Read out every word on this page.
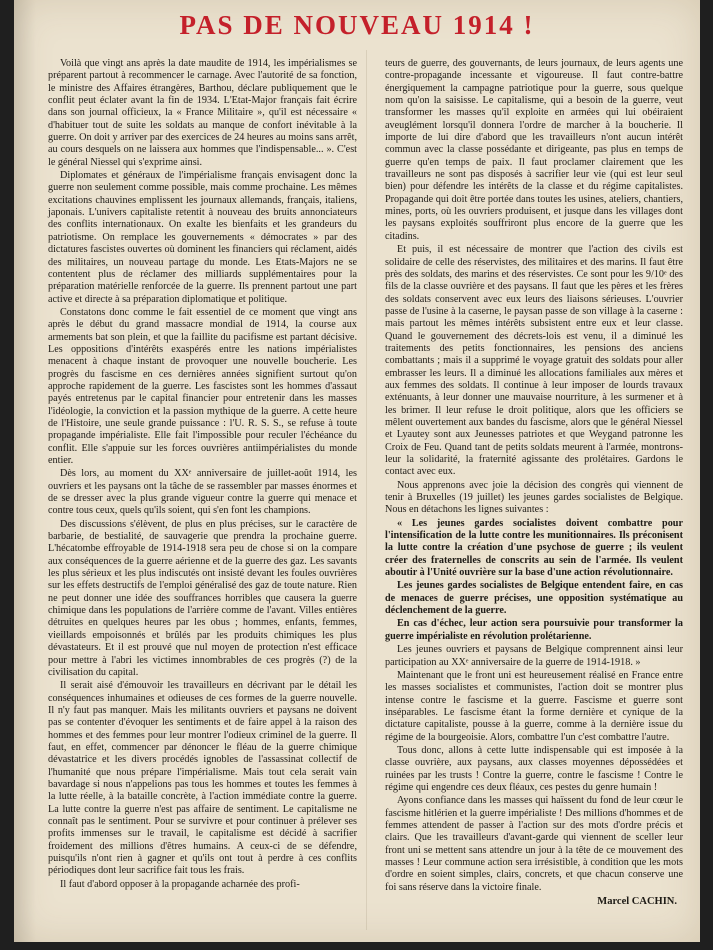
PAS DE NOUVEAU 1914 !

Voilà que vingt ans après la date maudite de 1914, les impérialismes se préparent partout à recommencer le carnage. Avec l'autorité de sa fonction, le ministre des Affaires étrangères, Barthou, déclare publiquement que le conflit peut éclater avant la fin de 1934. L'Etat-Major français fait écrire dans son journal officieux, la « France Militaire », qu'il est nécessaire « d'habituer tout de suite les soldats au manque de confort inévitable à la guerre. On doit y arriver par des exercices de 24 heures au moins sans arrêt, au cours desquels on ne laissera aux hommes que l'indispensable... ». C'est le général Niessel qui s'exprime ainsi.

Diplomates et généraux de l'impérialisme français envisagent donc la guerre non seulement comme possible, mais comme prochaine. Les mêmes excitations chauvines emplissent les journaux allemands, français, italiens, japonais. L'univers capitaliste retentit à nouveau des bruits annonciateurs des conflits internationaux. On exalte les bienfaits et les grandeurs du patriotisme. On remplace les gouvernements « démocrates » par des dictatures fascistes ouvertes où dominent les financiers qui réclament, aidés des militaires, un nouveau partage du monde. Les Etats-Majors ne se contentent plus de réclamer des milliards supplémentaires pour la préparation matérielle renforcée de la guerre. Ils prennent partout une part active et directe à sa préparation diplomatique et politique.

Constatons donc comme le fait essentiel de ce moment que vingt ans après le début du grand massacre mondial de 1914, la course aux armements bat son plein, et que la faillite du pacifisme est partant décisive. Les oppositions d'intérêts exaspérés entre les nations impérialistes menacent à chaque instant de provoquer une nouvelle boucherie. Les progrès du fascisme en ces dernières années signifient surtout qu'on approche rapidement de la guerre. Les fascistes sont les hommes d'assaut payés entretenus par le capital financier pour entretenir dans les masses l'idéologie, la conviction et la passion mythique de la guerre. A cette heure de l'Histoire, une seule grande puissance : l'U. R. S. S., se refuse à toute propagande impérialiste. Elle fait l'impossible pour reculer l'échéance du conflit. Elle s'appuie sur les forces ouvrières antiimpérialistes du monde entier.

Dès lors, au moment du XXᵉ anniversaire de juillet-août 1914, les ouvriers et les paysans ont la tâche de se rassembler par masses énormes et de se dresser avec la plus grande vigueur contre la guerre qui menace et contre tous ceux, quels qu'ils soient, qui s'en font les champions.

Des discussions s'élèvent, de plus en plus précises, sur le caractère de barbarie, de bestialité, de sauvagerie que prendra la prochaine guerre. L'hécatombe effroyable de 1914-1918 sera peu de chose si on la compare aux conséquences de la guerre aérienne et de la guerre des gaz. Les savants les plus sérieux et les plus indiscutés ont insisté devant les foules ouvrières sur les effets destructifs de l'emploi généralisé des gaz de toute nature. Rien ne peut donner une idée des souffrances horribles que causera la guerre chimique dans les populations de l'arrière comme de l'avant. Villes entières détruites en quelques heures par les obus ; hommes, enfants, femmes, vieillards empoisonnés et brûlés par les produits chimiques les plus dévastateurs. Et il est prouvé que nul moyen de protection n'est efficace pour mettre à l'abri les victimes innombrables de ces progrès (?) de la civilisation du capital.

Il serait aisé d'émouvoir les travailleurs en décrivant par le détail les conséquences inhumaines et odieuses de ces formes de la guerre nouvelle. Il n'y faut pas manquer. Mais les militants ouvriers et paysans ne doivent pas se contenter d'évoquer les sentiments et de faire appel à la raison des hommes et des femmes pour leur montrer l'odieux criminel de la guerre. Il faut, en effet, commencer par dénoncer le fléau de la guerre chimique dévastatrice et les divers procédés ignobles de l'assassinat collectif de l'humanité que nous prépare l'impérialisme. Mais tout cela serait vain bavardage si nous n'appelions pas tous les hommes et toutes les femmes à la lutte réelle, à la bataille concrète, à l'action immédiate contre la guerre. La lutte contre la guerre n'est pas affaire de sentiment. Le capitalisme ne connaît pas le sentiment. Pour se survivre et pour continuer à prélever ses profits immenses sur le travail, le capitalisme est décidé à sacrifier froidement des millions d'êtres humains. A ceux-ci de se défendre, puisqu'ils n'ont rien à gagner et qu'ils ont tout à perdre à ces conflits périodiques dont leur sacrifice fait tous les frais.

Il faut d'abord opposer à la propagande acharnée des profi-

teurs de guerre, des gouvernants, de leurs journaux, de leurs agents une contre-propagande incessante et vigoureuse. Il faut contre-battre énergiquement la campagne patriotique pour la guerre, sous quelque nom qu'on la saisisse. Le capitalisme, qui a besoin de la guerre, veut transformer les masses qu'il exploite en armées qui lui obéiraient aveuglément lorsqu'il donnera l'ordre de marcher à la boucherie. Il importe de lui dire d'abord que les travailleurs n'ont aucun intérêt commun avec la classe possédante et dirigeante, pas plus en temps de guerre qu'en temps de paix. Il faut proclamer clairement que les travailleurs ne sont pas disposés à sacrifier leur vie (qui est leur seul bien) pour défendre les intérêts de la classe et du régime capitalistes. Propagande qui doit être portée dans toutes les usines, ateliers, chantiers, mines, ports, où les ouvriers produisent, et jusque dans les villages dont les paysans exploités souffriront plus encore de la guerre que les citadins.

Et puis, il est nécessaire de montrer que l'action des civils est solidaire de celle des réservistes, des militaires et des marins. Il faut être près des soldats, des marins et des réservistes. Ce sont pour les 9/10ᵉ des fils de la classe ouvrière et des paysans. Il faut que les pères et les frères des soldats conservent avec eux leurs des liaisons sérieuses. L'ouvrier passe de l'usine à la caserne, le paysan passe de son village à la caserne : mais partout les mêmes intérêts subsistent entre eux et leur classe. Quand le gouvernement des décrets-lois est venu, il a diminué les traitements des petits fonctionnaires, les pensions des anciens combattants ; mais il a supprimé le voyage gratuit des soldats pour aller embrasser les leurs. Il a diminué les allocations familiales aux mères et aux femmes des soldats. Il continue à leur imposer de lourds travaux exténuants, à leur donner une mauvaise nourriture, à les surmener et à les brimer. Il leur refuse le droit politique, alors que les officiers se mêlent ouvertement aux bandes du fascisme, alors que le général Niessel et Lyautey sont aux Jeunesses patriotes et que Weygand patronne les Croix de Feu. Quand tant de petits soldats meurent à l'armée, montrons-leur la solidarité, la fraternité agissante des prolétaires. Gardons le contact avec eux.

Nous apprenons avec joie la décision des congrès qui viennent de tenir à Bruxelles (19 juillet) les jeunes gardes socialistes de Belgique. Nous en détachons les lignes suivantes :

« Les jeunes gardes socialistes doivent combattre pour l'intensification de la lutte contre les munitionnaires. Ils préconisent la lutte contre la création d'une psychose de guerre ; ils veulent créer des fraternelles de conscrits au sein de l'armée. Ils veulent aboutir à l'Unité ouvrière sur la base d'une action révolutionnaire.

Les jeunes gardes socialistes de Belgique entendent faire, en cas de menaces de guerre précises, une opposition systématique au déclenchement de la guerre.

En cas d'échec, leur action sera poursuivie pour transformer la guerre impérialiste en révolution prolétarienne.

Les jeunes ouvriers et paysans de Belgique comprennent ainsi leur participation au XXᵉ anniversaire de la guerre de 1914-1918. »

Maintenant que le front uni est heureusement réalisé en France entre les masses socialistes et communistes, l'action doit se montrer plus intense contre le fascisme et la guerre. Fascisme et guerre sont inséparables. Le fascisme étant la forme dernière et cynique de la dictature capitaliste, pousse à la guerre, comme à la dernière issue du régime de la bourgeoisie. Alors, combattre l'un c'est combattre l'autre.

Tous donc, allons à cette lutte indispensable qui est imposée à la classe ouvrière, aux paysans, aux classes moyennes dépossédées et ruinées par les trusts ! Contre la guerre, contre le fascisme ! Contre le régime qui engendre ces deux fléaux, ces pestes du genre humain !

Ayons confiance dans les masses qui haïssent du fond de leur cœur le fascisme hitlérien et la guerre impérialiste ! Des millions d'hommes et de femmes attendent de passer à l'action sur des mots d'ordre précis et clairs. Que les travailleurs d'avant-garde qui viennent de sceller leur front uni se mettent sans attendre un jour à la tête de ce mouvement des masses ! Leur commune action sera irrésistible, à condition que les mots d'ordre en soient simples, clairs, concrets, et que chacun conserve une foi sans réserve dans la victoire finale.

Marcel CACHIN.
